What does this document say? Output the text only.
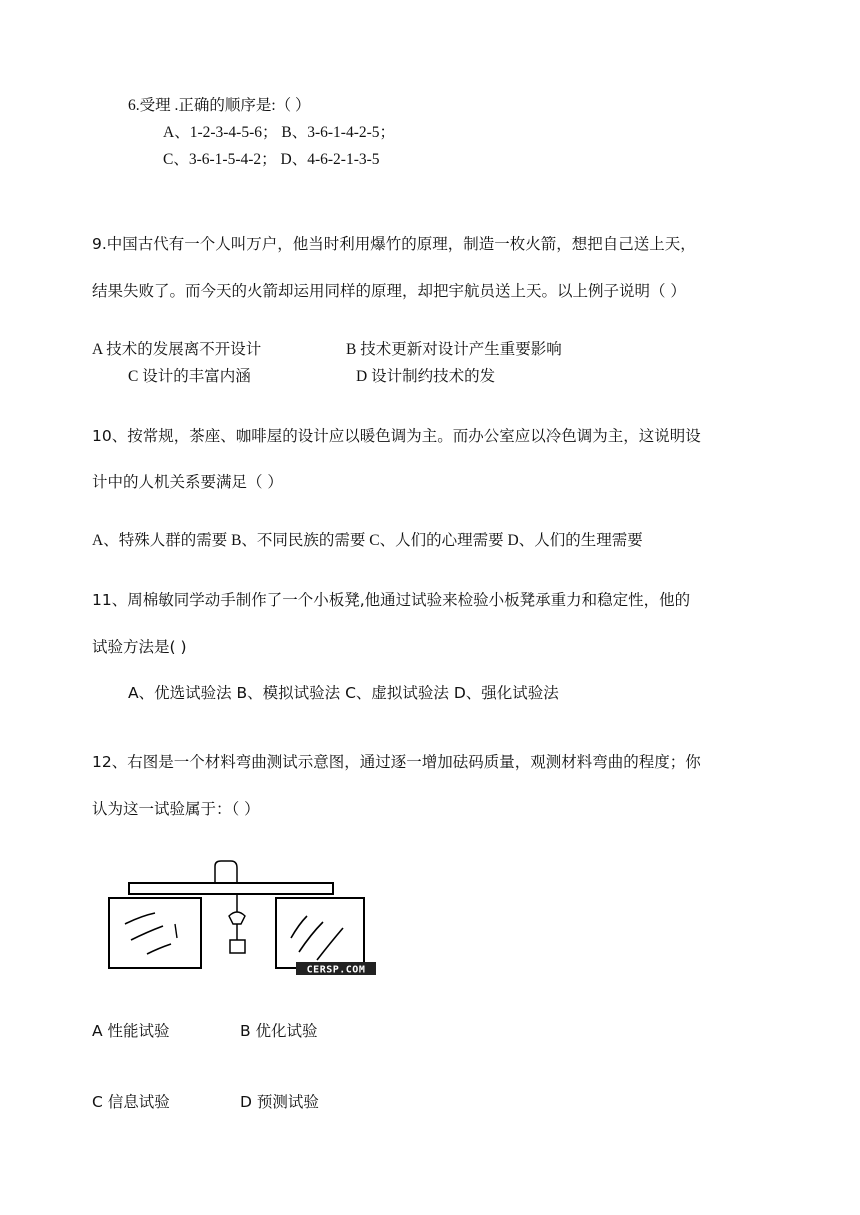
6.受理 .正确的顺序是:（ ）
A、1-2-3-4-5-6； B、3-6-1-4-2-5；
C、3-6-1-5-4-2； D、4-6-2-1-3-5
9.中国古代有一个人叫万户，他当时利用爆竹的原理，制造一枚火箭，想把自己送上天，
结果失败了。而今天的火箭却运用同样的原理，却把宇航员送上天。以上例子说明（ ）
A 技术的发展离不开设计	B 技术更新对设计产生重要影响
C 设计的丰富内涵	D 设计制约技术的发
10、按常规，茶座、咖啡屋的设计应以暖色调为主。而办公室应以冷色调为主，这说明设
计中的人机关系要满足（ ）
A、特殊人群的需要 B、不同民族的需要 C、人们的心理需要 D、人们的生理需要
11、周棉敏同学动手制作了一个小板凳,他通过试验来检验小板凳承重力和稳定性，他的
试验方法是( )
A、优选试验法 B、模拟试验法 C、虚拟试验法 D、强化试验法
12、右图是一个材料弯曲测试示意图，通过逐一增加砝码质量，观测材料弯曲的程度；你
认为这一试验属于：（ ）
CERSP.COM
A 性能试验	B 优化试验
C 信息试验	D 预测试验
